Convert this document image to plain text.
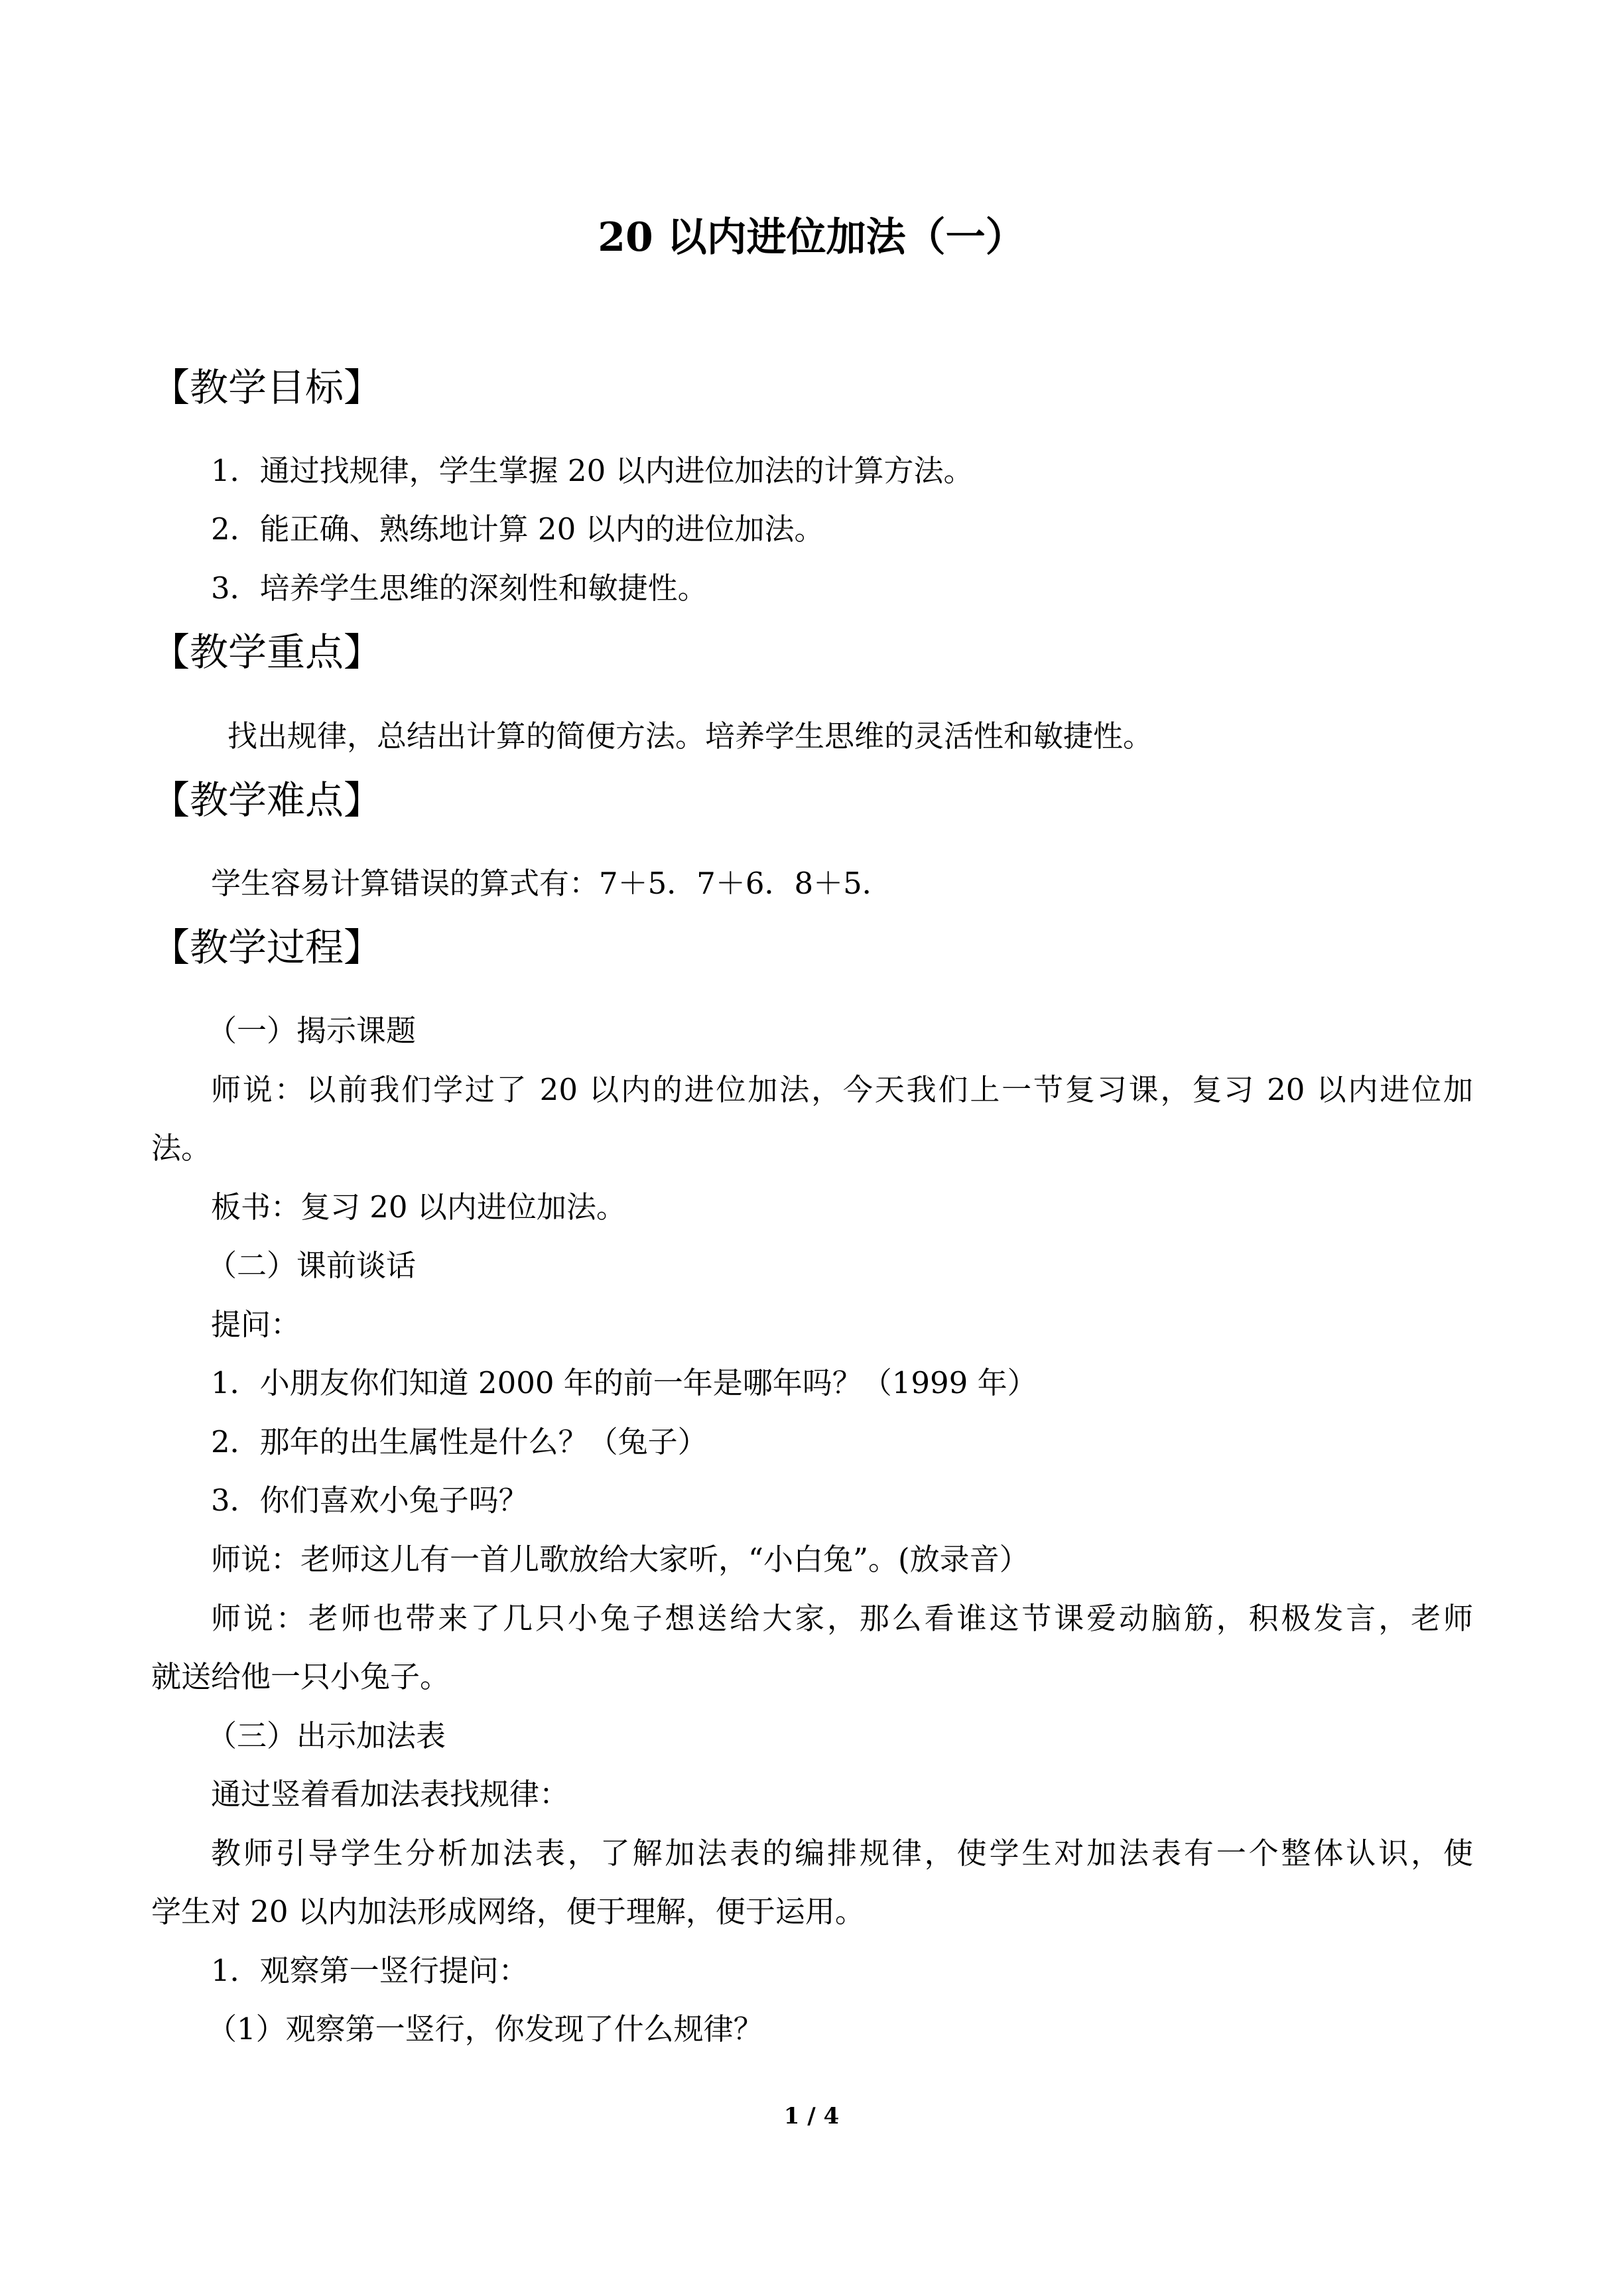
20 以内进位加法（一）
【教学目标】
1．通过找规律，学生掌握 20 以内进位加法的计算方法。
2．能正确、熟练地计算 20 以内的进位加法。
3．培养学生思维的深刻性和敏捷性。
【教学重点】
找出规律，总结出计算的简便方法。培养学生思维的灵活性和敏捷性。
【教学难点】
学生容易计算错误的算式有：7＋5．7＋6．8＋5．
【教学过程】
（一）揭示课题
师说：以前我们学过了 20 以内的进位加法，今天我们上一节复习课，复习 20 以内进位加
法。
板书：复习 20 以内进位加法。
（二）课前谈话
提问：
1．小朋友你们知道 2000 年的前一年是哪年吗？（1999 年）
2．那年的出生属性是什么？（兔子）
3．你们喜欢小兔子吗？
师说：老师这儿有一首儿歌放给大家听，“小白兔”。(放录音）
师说：老师也带来了几只小兔子想送给大家，那么看谁这节课爱动脑筋，积极发言，老师
就送给他一只小兔子。
（三）出示加法表
通过竖着看加法表找规律：
教师引导学生分析加法表，了解加法表的编排规律，使学生对加法表有一个整体认识，使
学生对 20 以内加法形成网络，便于理解，便于运用。
1．观察第一竖行提问：
（1）观察第一竖行，你发现了什么规律？
1 / 4
